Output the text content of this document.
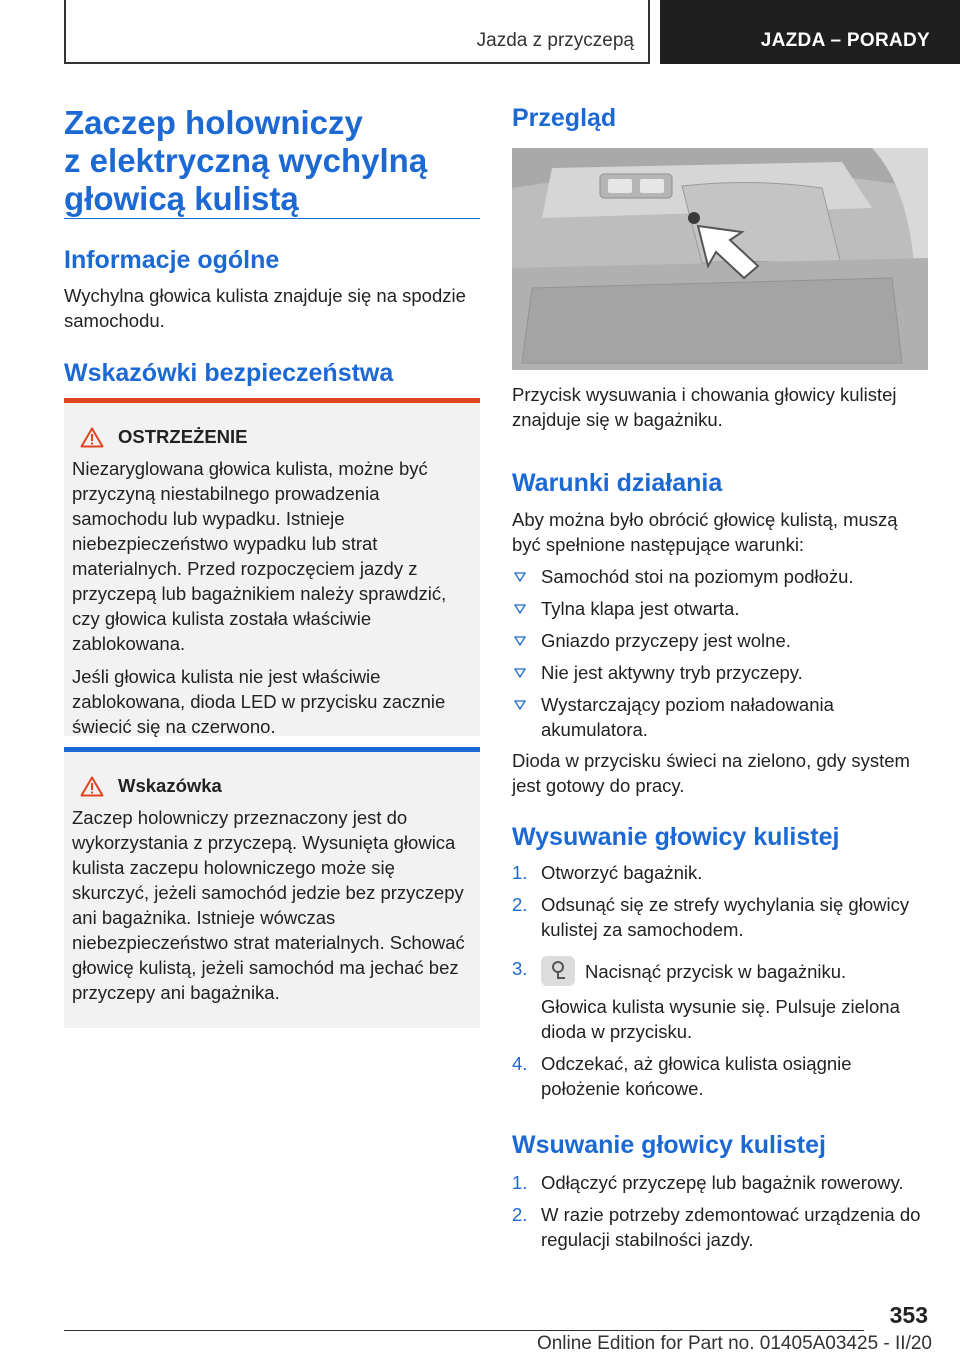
Jazda z przyczepą	JAZDA – PORADY
Zaczep holowniczy
z elektryczną wychylną
głowicą kulistą
Informacje ogólne
Wychylna głowica kulista znajduje się na spodzie samochodu.
Wskazówki bezpieczeństwa
OSTRZEŻENIE
Niezaryglowana głowica kulista, możne być przyczyną niestabilnego prowadzenia samochodu lub wypadku. Istnieje niebezpieczeństwo wypadku lub strat materialnych. Przed rozpoczęciem jazdy z przyczepą lub bagażnikiem należy sprawdzić, czy głowica kulista została właściwie zablokowana.
Jeśli głowica kulista nie jest właściwie zablokowana, dioda LED w przycisku zacznie świecić się na czerwono.
Wskazówka
Zaczep holowniczy przeznaczony jest do wykorzystania z przyczepą. Wysunięta głowica kulista zaczepu holowniczego może się skurczyć, jeżeli samochód jedzie bez przyczepy ani bagażnika. Istnieje wówczas niebezpieczeństwo strat materialnych. Schować głowicę kulistą, jeżeli samochód ma jechać bez przyczepy ani bagażnika.
Przegląd
Przycisk wysuwania i chowania głowicy kulistej znajduje się w bagażniku.
Warunki działania
Aby można było obrócić głowicę kulistą, muszą być spełnione następujące warunki:
Samochód stoi na poziomym podłożu.
Tylna klapa jest otwarta.
Gniazdo przyczepy jest wolne.
Nie jest aktywny tryb przyczepy.
Wystarczający poziom naładowania akumulatora.
Dioda w przycisku świeci na zielono, gdy system jest gotowy do pracy.
Wysuwanie głowicy kulistej
1. Otworzyć bagażnik.
2. Odsunąć się ze strefy wychylania się głowicy kulistej za samochodem.
3.	Nacisnąć przycisk w bagażniku.
Głowica kulista wysunie się. Pulsuje zielona dioda w przycisku.
4. Odczekać, aż głowica kulista osiągnie położenie końcowe.
Wsuwanie głowicy kulistej
1. Odłączyć przyczepę lub bagażnik rowerowy.
2. W razie potrzeby zdemontować urządzenia do regulacji stabilności jazdy.
353
Online Edition for Part no. 01405A03425 - II/20
